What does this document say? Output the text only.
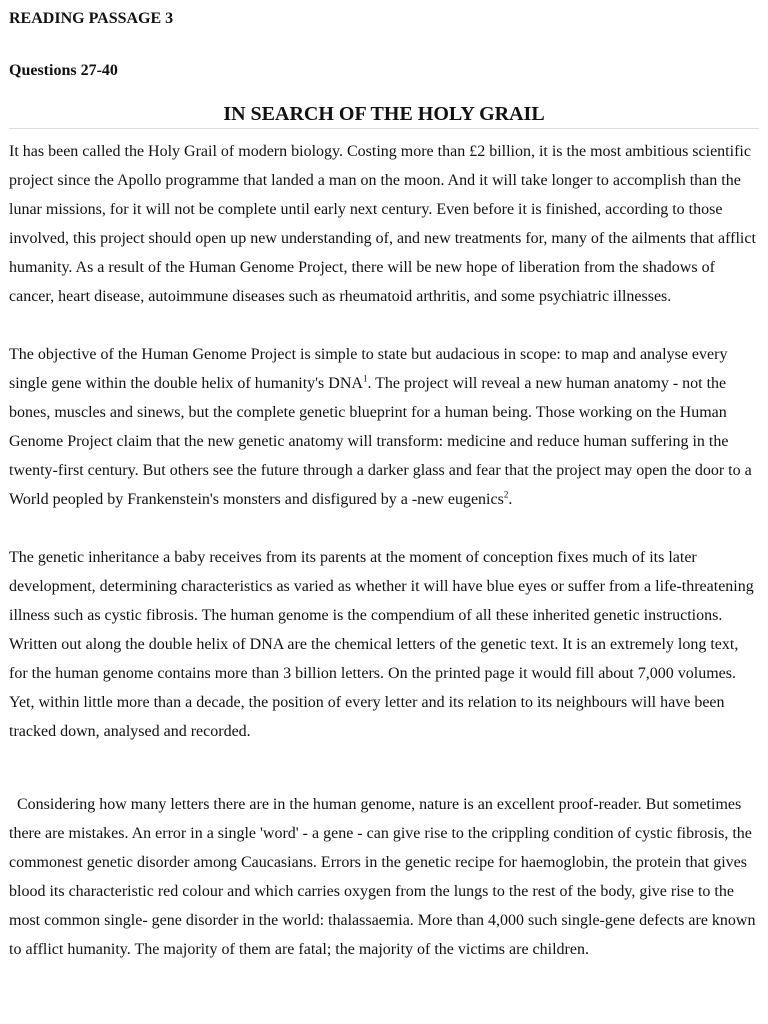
READING PASSAGE 3

Questions 27-40

IN SEARCH OF THE HOLY GRAIL

It has been called the Holy Grail of modern biology. Costing more than £2 billion, it is the most ambitious scientific project since the Apollo programme that landed a man on the moon. And it will take longer to accomplish than the lunar missions, for it will not be complete until early next century. Even before it is finished, according to those involved, this project should open up new understanding of, and new treatments for, many of the ailments that afflict humanity. As a result of the Human Genome Project, there will be new hope of liberation from the shadows of cancer, heart disease, autoimmune diseases such as rheumatoid arthritis, and some psychiatric illnesses.

The objective of the Human Genome Project is simple to state but audacious in scope: to map and analyse every single gene within the double helix of humanity's DNA$^1$. The project will reveal a new human anatomy - not the bones, muscles and sinews, but the complete genetic blueprint for a human being. Those working on the Human Genome Project claim that the new genetic anatomy will transform: medicine and reduce human suffering in the twenty-first century. But others see the future through a darker glass and fear that the project may open the door to a World peopled by Frankenstein's monsters and disfigured by a -new eugenics$^2$.

The genetic inheritance a baby receives from its parents at the moment of conception fixes much of its later development, determining characteristics as varied as whether it will have blue eyes or suffer from a life-threatening illness such as cystic fibrosis. The human genome is the compendium of all these inherited genetic instructions. Written out along the double helix of DNA are the chemical letters of the genetic text. It is an extremely long text, for the human genome contains more than 3 billion letters. On the printed page it would fill about 7,000 volumes. Yet, within little more than a decade, the position of every letter and its relation to its neighbours will have been tracked down, analysed and recorded.

Considering how many letters there are in the human genome, nature is an excellent proof-reader. But sometimes there are mistakes. An error in a single 'word' - a gene - can give rise to the crippling condition of cystic fibrosis, the commonest genetic disorder among Caucasians. Errors in the genetic recipe for haemoglobin, the protein that gives blood its characteristic red colour and which carries oxygen from the lungs to the rest of the body, give rise to the most common single- gene disorder in the world: thalassaemia. More than 4,000 such single-gene defects are known to afflict humanity. The majority of them are fatal; the majority of the victims are children.
